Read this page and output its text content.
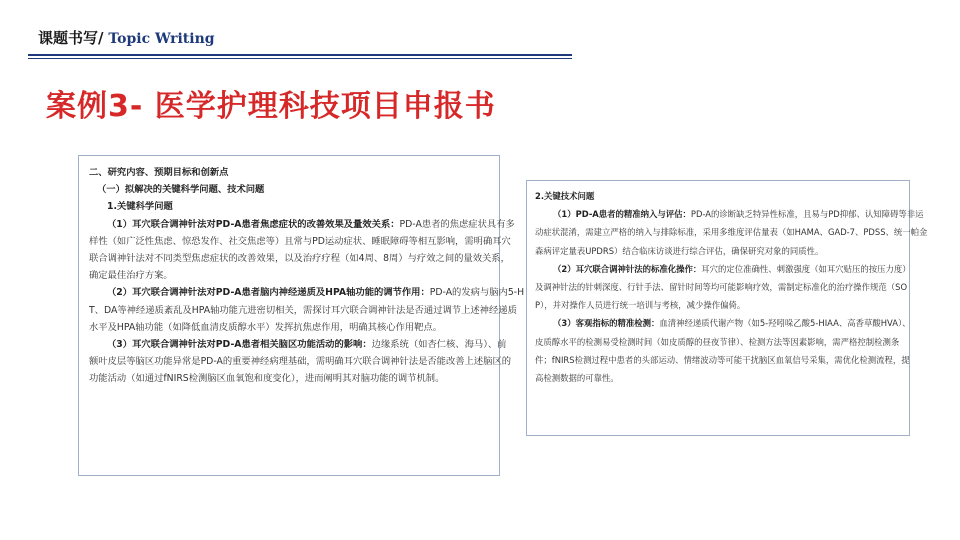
课题书写/ Topic Writing
案例3- 医学护理科技项目申报书
二、研究内容、预期目标和创新点
（一）拟解决的关键科学问题、技术问题
1.关键科学问题
（1）耳穴联合调神针法对PD-A患者焦虑症状的改善效果及量效关系：PD-A患者的焦虑症状具有多
样性（如广泛性焦虑、惊恐发作、社交焦虑等）且常与PD运动症状、睡眠障碍等相互影响，需明确耳穴
联合调神针法对不同类型焦虑症状的改善效果，以及治疗疗程（如4周、8周）与疗效之间的量效关系，
确定最佳治疗方案。
（2）耳穴联合调神针法对PD-A患者脑内神经递质及HPA轴功能的调节作用：PD-A的发病与脑内5-H
T、DA等神经递质紊乱及HPA轴功能亢进密切相关，需探讨耳穴联合调神针法是否通过调节上述神经递质
水平及HPA轴功能（如降低血清皮质醇水平）发挥抗焦虑作用，明确其核心作用靶点。
（3）耳穴联合调神针法对PD-A患者相关脑区功能活动的影响：边缘系统（如杏仁核、海马）、前
额叶皮层等脑区功能异常是PD-A的重要神经病理基础，需明确耳穴联合调神针法是否能改善上述脑区的
功能活动（如通过fNIRS检测脑区血氧饱和度变化），进而阐明其对脑功能的调节机制。
2.关键技术问题
（1）PD-A患者的精准纳入与评估：PD-A的诊断缺乏特异性标准，且易与PD抑郁、认知障碍等非运
动症状混淆，需建立严格的纳入与排除标准，采用多维度评估量表（如HAMA、GAD-7、PDSS、统一帕金
森病评定量表UPDRS）结合临床访谈进行综合评估，确保研究对象的同质性。
（2）耳穴联合调神针法的标准化操作：耳穴的定位准确性、刺激强度（如耳穴贴压的按压力度）
及调神针法的针刺深度、行针手法、留针时间等均可能影响疗效，需制定标准化的治疗操作规范（SO
P），并对操作人员进行统一培训与考核，减少操作偏倚。
（3）客观指标的精准检测：血清神经递质代谢产物（如5-羟吲哚乙酸5-HIAA、高香草酸HVA）、
皮质醇水平的检测易受检测时间（如皮质醇的昼夜节律）、检测方法等因素影响，需严格控制检测条
件；fNIRS检测过程中患者的头部运动、情绪波动等可能干扰脑区血氧信号采集，需优化检测流程，提
高检测数据的可靠性。
